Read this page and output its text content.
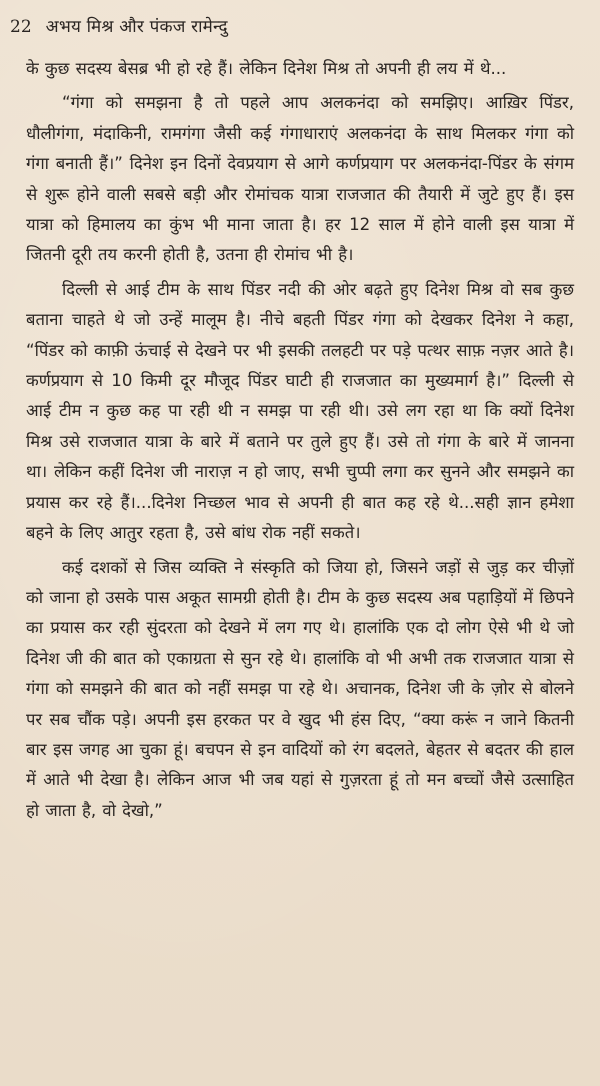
22 अभय मिश्र और पंकज रामेन्दु

के कुछ सदस्य बेसब्र भी हो रहे हैं। लेकिन दिनेश मिश्र तो अपनी ही लय में थे...

“गंगा को समझना है तो पहले आप अलकनंदा को समझिए। आख़िर पिंडर, धौलीगंगा, मंदाकिनी, रामगंगा जैसी कई गंगाधाराएं अलकनंदा के साथ मिलकर गंगा को गंगा बनाती हैं।” दिनेश इन दिनों देवप्रयाग से आगे कर्णप्रयाग पर अलकनंदा-पिंडर के संगम से शुरू होने वाली सबसे बड़ी और रोमांचक यात्रा राजजात की तैयारी में जुटे हुए हैं। इस यात्रा को हिमालय का कुंभ भी माना जाता है। हर 12 साल में होने वाली इस यात्रा में जितनी दूरी तय करनी होती है, उतना ही रोमांच भी है।

दिल्ली से आई टीम के साथ पिंडर नदी की ओर बढ़ते हुए दिनेश मिश्र वो सब कुछ बताना चाहते थे जो उन्हें मालूम है। नीचे बहती पिंडर गंगा को देखकर दिनेश ने कहा, “पिंडर को काफ़ी ऊंचाई से देखने पर भी इसकी तलहटी पर पड़े पत्थर साफ़ नज़र आते है। कर्णप्रयाग से 10 किमी दूर मौजूद पिंडर घाटी ही राजजात का मुख्यमार्ग है।” दिल्ली से आई टीम न कुछ कह पा रही थी न समझ पा रही थी। उसे लग रहा था कि क्यों दिनेश मिश्र उसे राजजात यात्रा के बारे में बताने पर तुले हुए हैं। उसे तो गंगा के बारे में जानना था। लेकिन कहीं दिनेश जी नाराज़ न हो जाए, सभी चुप्पी लगा कर सुनने और समझने का प्रयास कर रहे हैं।...दिनेश निच्छल भाव से अपनी ही बात कह रहे थे...सही ज्ञान हमेशा बहने के लिए आतुर रहता है, उसे बांध रोक नहीं सकते।

कई दशकों से जिस व्यक्ति ने संस्कृति को जिया हो, जिसने जड़ों से जुड़ कर चीज़ों को जाना हो उसके पास अकूत सामग्री होती है। टीम के कुछ सदस्य अब पहाड़ियों में छिपने का प्रयास कर रही सुंदरता को देखने में लग गए थे। हालांकि एक दो लोग ऐसे भी थे जो दिनेश जी की बात को एकाग्रता से सुन रहे थे। हालांकि वो भी अभी तक राजजात यात्रा से गंगा को समझने की बात को नहीं समझ पा रहे थे। अचानक, दिनेश जी के ज़ोर से बोलने पर सब चौंक पड़े। अपनी इस हरकत पर वे खुद भी हंस दिए, “क्या करूं न जाने कितनी बार इस जगह आ चुका हूं। बचपन से इन वादियों को रंग बदलते, बेहतर से बदतर की हाल में आते भी देखा है। लेकिन आज भी जब यहां से गुज़रता हूं तो मन बच्चों जैसे उत्साहित हो जाता है, वो देखो,”
